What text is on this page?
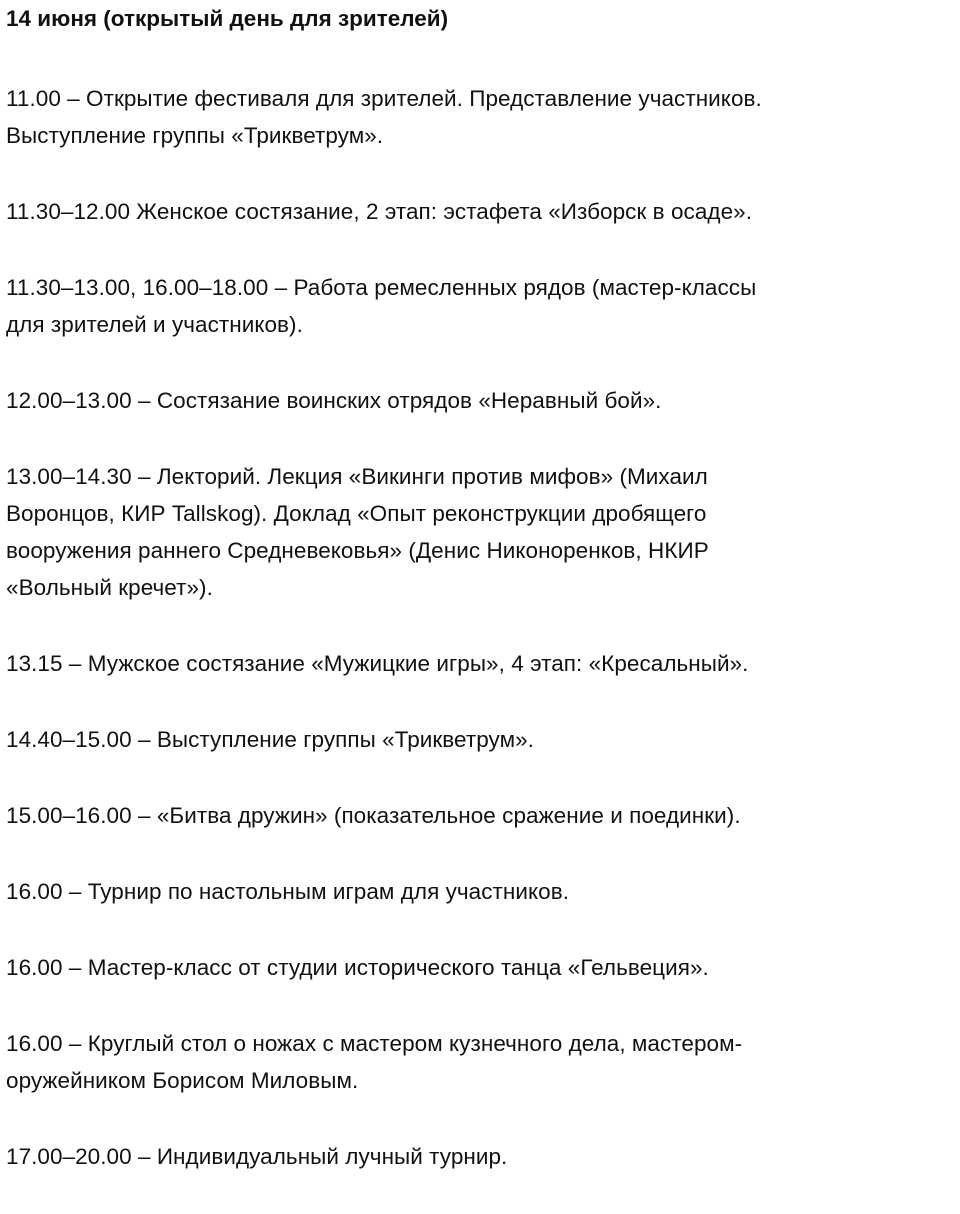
14 июня (открытый день для зрителей)
11.00 – Открытие фестиваля для зрителей. Представление участников.
Выступление группы «Трикветрум».
11.30–12.00 Женское состязание, 2 этап: эстафета «Изборск в осаде».
11.30–13.00, 16.00–18.00 – Работа ремесленных рядов (мастер-классы
для зрителей и участников).
12.00–13.00 – Состязание воинских отрядов «Неравный бой».
13.00–14.30 – Лекторий. Лекция «Викинги против мифов» (Михаил
Воронцов, КИР Tallskog). Доклад «Опыт реконструкции дробящего
вооружения раннего Средневековья» (Денис Никоноренков, НКИР
«Вольный кречет»).
13.15 – Мужское состязание «Мужицкие игры», 4 этап: «Кресальный».
14.40–15.00 – Выступление группы «Трикветрум».
15.00–16.00 – «Битва дружин» (показательное сражение и поединки).
16.00 – Турнир по настольным играм для участников.
16.00 – Мастер-класс от студии исторического танца «Гельвеция».
16.00 – Круглый стол о ножах с мастером кузнечного дела, мастером-
оружейником Борисом Миловым.
17.00–20.00 – Индивидуальный лучный турнир.
